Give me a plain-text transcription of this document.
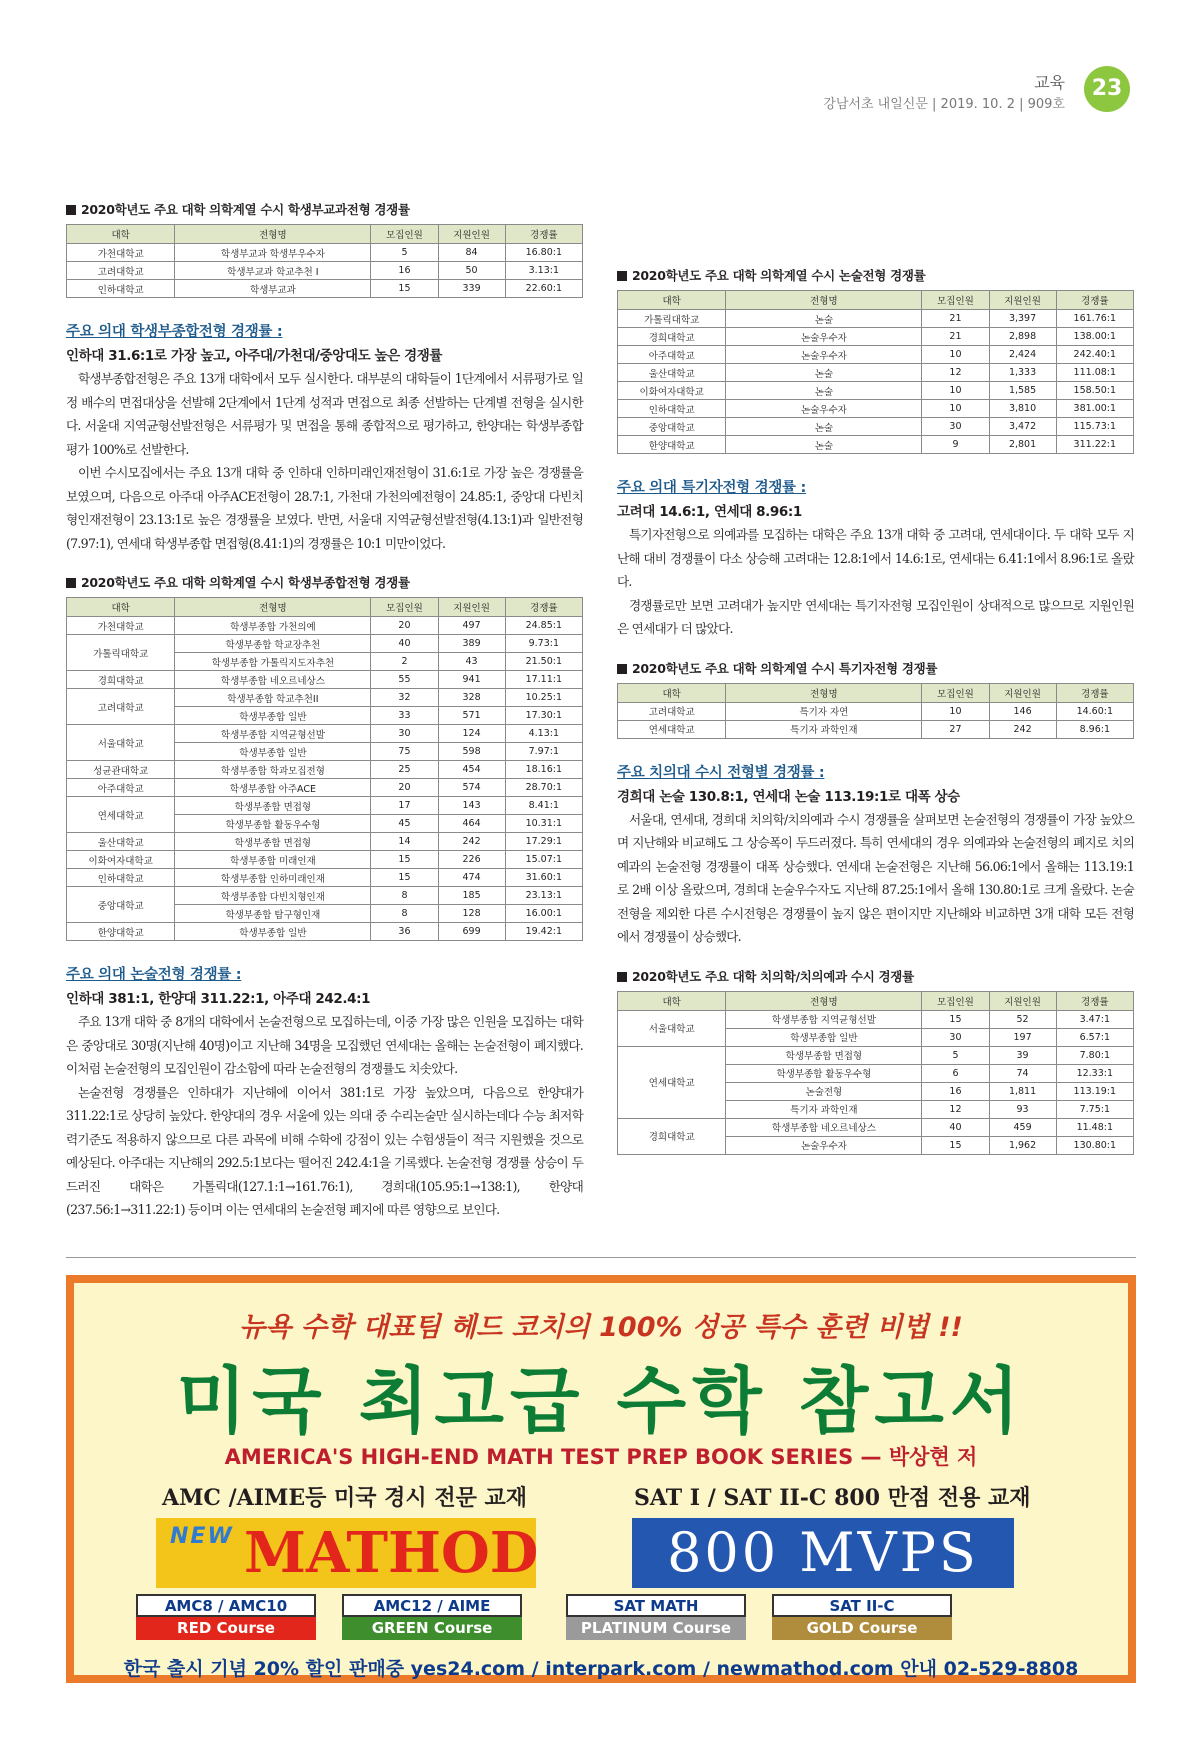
교육
강남서초 내일신문 | 2019. 10. 2 | 909호
23
2020학년도 주요 대학 의학계열 수시 학생부교과전형 경쟁률
대학	전형명	모집인원	지원인원	경쟁률
가천대학교	학생부교과 학생부우수자	5	84	16.80:1
고려대학교	학생부교과 학교추천 I	16	50	3.13:1
인하대학교	학생부교과	15	339	22.60:1
주요 의대 학생부종합전형 경쟁률 :
인하대 31.6:1로 가장 높고, 아주대/가천대/중앙대도 높은 경쟁률

학생부종합전형은 주요 13개 대학에서 모두 실시한다. 대부분의 대학들이 1단계에서 서류평가로 일정 배수의 면접대상을 선발해 2단계에서 1단계 성적과 면접으로 최종 선발하는 단계별 전형을 실시한다. 서울대 지역균형선발전형은 서류평가 및 면접을 통해 종합적으로 평가하고, 한양대는 학생부종합평가 100%로 선발한다.

이번 수시모집에서는 주요 13개 대학 중 인하대 인하미래인재전형이 31.6:1로 가장 높은 경쟁률을 보였으며, 다음으로 아주대 아주ACE전형이 28.7:1, 가천대 가천의예전형이 24.85:1, 중앙대 다빈치형인재전형이 23.13:1로 높은 경쟁률을 보였다. 반면, 서울대 지역균형선발전형(4.13:1)과 일반전형(7.97:1), 연세대 학생부종합 면접형(8.41:1)의 경쟁률은 10:1 미만이었다.

2020학년도 주요 대학 의학계열 수시 학생부종합전형 경쟁률
대학	전형명	모집인원	지원인원	경쟁률
가천대학교	학생부종합 가천의예	20	497	24.85:1
가톨릭대학교	학생부종합 학교장추천	40	389	9.73:1
	학생부종합 가톨릭지도자추천	2	43	21.50:1
경희대학교	학생부종합 네오르네상스	55	941	17.11:1
고려대학교	학생부종합 학교추천II	32	328	10.25:1
	학생부종합 일반	33	571	17.30:1
서울대학교	학생부종합 지역균형선발	30	124	4.13:1
	학생부종합 일반	75	598	7.97:1
성균관대학교	학생부종합 학과모집전형	25	454	18.16:1
아주대학교	학생부종합 아주ACE	20	574	28.70:1
연세대학교	학생부종합 면접형	17	143	8.41:1
	학생부종합 활동우수형	45	464	10.31:1
울산대학교	학생부종합 면접형	14	242	17.29:1
이화여자대학교	학생부종합 미래인재	15	226	15.07:1
인하대학교	학생부종합 인하미래인재	15	474	31.60:1
중앙대학교	학생부종합 다빈치형인재	8	185	23.13:1
	학생부종합 탐구형인재	8	128	16.00:1
한양대학교	학생부종합 일반	36	699	19.42:1
주요 의대 논술전형 경쟁률 :
인하대 381:1, 한양대 311.22:1, 아주대 242.4:1

주요 13개 대학 중 8개의 대학에서 논술전형으로 모집하는데, 이중 가장 많은 인원을 모집하는 대학은 중앙대로 30명(지난해 40명)이고 지난해 34명을 모집했던 연세대는 올해는 논술전형이 폐지했다. 이처럼 논술전형의 모집인원이 감소함에 따라 논술전형의 경쟁률도 치솟았다.

논술전형 경쟁률은 인하대가 지난해에 이어서 381:1로 가장 높았으며, 다음으로 한양대가 311.22:1로 상당히 높았다. 한양대의 경우 서울에 있는 의대 중 수리논술만 실시하는데다 수능 최저학력기준도 적용하지 않으므로 다른 과목에 비해 수학에 강점이 있는 수험생들이 적극 지원했을 것으로 예상된다. 아주대는 지난해의 292.5:1보다는 떨어진 242.4:1을 기록했다. 논술전형 경쟁률 상승이 두드러진 대학은 가톨릭대(127.1:1→161.76:1), 경희대(105.95:1→138:1), 한양대(237.56:1→311.22:1) 등이며 이는 연세대의 논술전형 폐지에 따른 영향으로 보인다.

2020학년도 주요 대학 의학계열 수시 논술전형 경쟁률
대학	전형명	모집인원	지원인원	경쟁률
가톨릭대학교	논술	21	3,397	161.76:1
경희대학교	논술우수자	21	2,898	138.00:1
아주대학교	논술우수자	10	2,424	242.40:1
울산대학교	논술	12	1,333	111.08:1
이화여자대학교	논술	10	1,585	158.50:1
인하대학교	논술우수자	10	3,810	381.00:1
중앙대학교	논술	30	3,472	115.73:1
한양대학교	논술	9	2,801	311.22:1
주요 의대 특기자전형 경쟁률 :
고려대 14.6:1, 연세대 8.96:1

특기자전형으로 의예과를 모집하는 대학은 주요 13개 대학 중 고려대, 연세대이다. 두 대학 모두 지난해 대비 경쟁률이 다소 상승해 고려대는 12.8:1에서 14.6:1로, 연세대는 6.41:1에서 8.96:1로 올랐다.

경쟁률로만 보면 고려대가 높지만 연세대는 특기자전형 모집인원이 상대적으로 많으므로 지원인원은 연세대가 더 많았다.

2020학년도 주요 대학 의학계열 수시 특기자전형 경쟁률
대학	전형명	모집인원	지원인원	경쟁률
고려대학교	특기자 자연	10	146	14.60:1
연세대학교	특기자 과학인재	27	242	8.96:1
주요 치의대 수시 전형별 경쟁률 :
경희대 논술 130.8:1, 연세대 논술 113.19:1로 대폭 상승

서울대, 연세대, 경희대 치의학/치의예과 수시 경쟁률을 살펴보면 논술전형의 경쟁률이 가장 높았으며 지난해와 비교해도 그 상승폭이 두드러졌다. 특히 연세대의 경우 의예과와 논술전형의 폐지로 치의예과의 논술전형 경쟁률이 대폭 상승했다. 연세대 논술전형은 지난해 56.06:1에서 올해는 113.19:1로 2배 이상 올랐으며, 경희대 논술우수자도 지난해 87.25:1에서 올해 130.80:1로 크게 올랐다. 논술전형을 제외한 다른 수시전형은 경쟁률이 높지 않은 편이지만 지난해와 비교하면 3개 대학 모든 전형에서 경쟁률이 상승했다.

2020학년도 주요 대학 치의학/치의예과 수시 경쟁률
대학	전형명	모집인원	지원인원	경쟁률
서울대학교	학생부종합 지역균형선발	15	52	3.47:1
	학생부종합 일반	30	197	6.57:1
연세대학교	학생부종합 면접형	5	39	7.80:1
	학생부종합 활동우수형	6	74	12.33:1
	논술전형	16	1,811	113.19:1
	특기자 과학인재	12	93	7.75:1
경희대학교	학생부종합 네오르네상스	40	459	11.48:1
	논술우수자	15	1,962	130.80:1
뉴욕 수학 대표팀 헤드 코치의 100% 성공 특수 훈련 비법 !!
미국 최고급 수학 참고서
AMERICA'S HIGH-END MATH TEST PREP BOOK SERIES — 박상현 저
AMC /AIME등 미국 경시 전문 교재	SAT I / SAT II-C 800 만점 전용 교재
NEW MATHOD	800 MVPS
AMC8 / AMC10
RED Course
AMC12 / AIME
GREEN Course
SAT MATH
PLATINUM Course
SAT II-C
GOLD Course
한국 출시 기념 20% 할인 판매중 yes24.com / interpark.com / newmathod.com 안내 02-529-8808
